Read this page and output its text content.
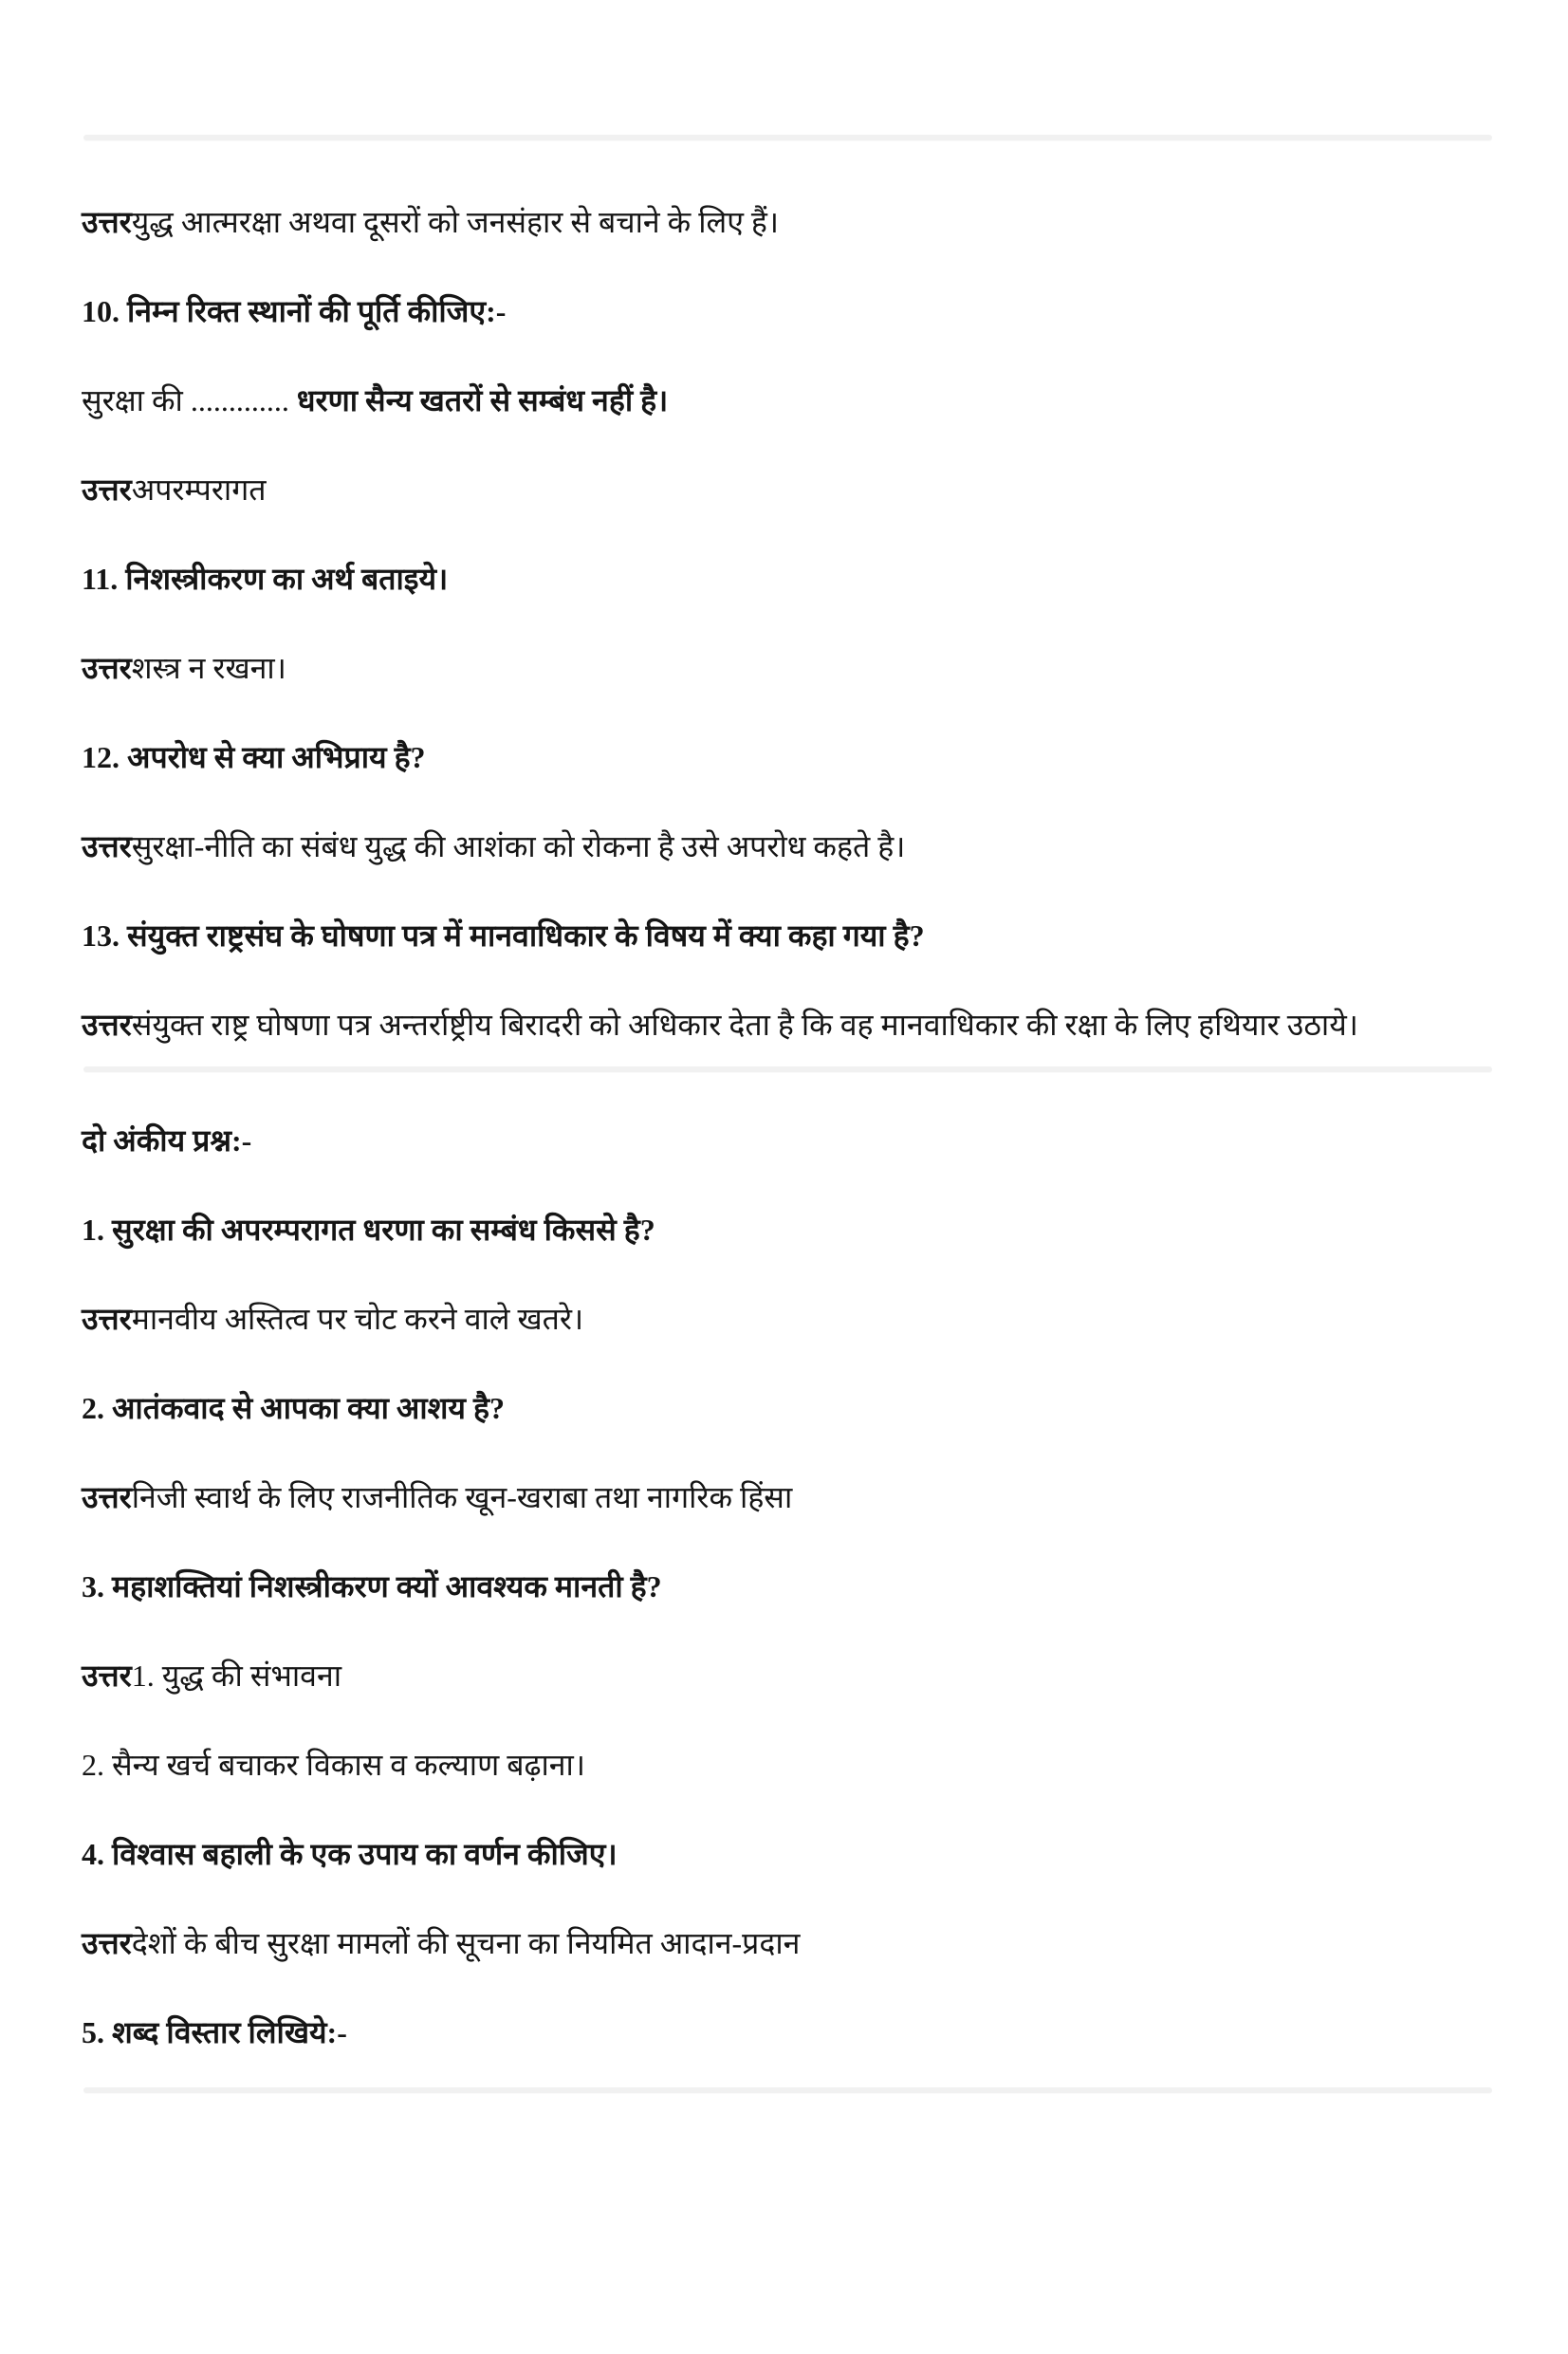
उत्तरयुद्ध आत्मरक्षा अथवा दूसरों को जनसंहार से बचाने के लिए हैं।

10. निम्न रिक्त स्थानों की पूर्ति कीजिए:-

सुरक्षा की ............. धरणा सैन्य खतरों से सम्बंध नहीं है।

उत्तरअपरम्परागत

11. निशस्त्रीकरण का अर्थ बताइये।

उत्तरशस्त्र न रखना।

12. अपरोध से क्या अभिप्राय है?

उत्तरसुरक्षा-नीति का संबंध युद्ध की आशंका को रोकना है उसे अपरोध कहते है।

13. संयुक्त राष्ट्रसंघ के घोषणा पत्र में मानवाधिकार के विषय में क्या कहा गया है?

उत्तरसंयुक्त राष्ट्र घोषणा पत्र अन्तर्राष्ट्रीय बिरादरी को अधिकार देता है कि वह मानवाधिकार की रक्षा के लिए हथियार उठाये।

दो अंकीय प्रश्न:-

1. सुरक्षा की अपरम्परागत धरणा का सम्बंध किससे है?

उत्तरमानवीय अस्तित्व पर चोट करने वाले खतरे।

2. आतंकवाद से आपका क्या आशय है?

उत्तरनिजी स्वार्थ के लिए राजनीतिक खून-खराबा तथा नागरिक हिंसा

3. महाशक्तियां निशस्त्रीकरण क्यों आवश्यक मानती है?

उत्तर1. युद्ध की संभावना

2. सैन्य खर्च बचाकर विकास व कल्याण बढ़ाना।

4. विश्वास बहाली के एक उपाय का वर्णन कीजिए।

उत्तरदेशों के बीच सुरक्षा मामलों की सूचना का नियमित आदान-प्रदान

5. शब्द विस्तार लिखिये:-
